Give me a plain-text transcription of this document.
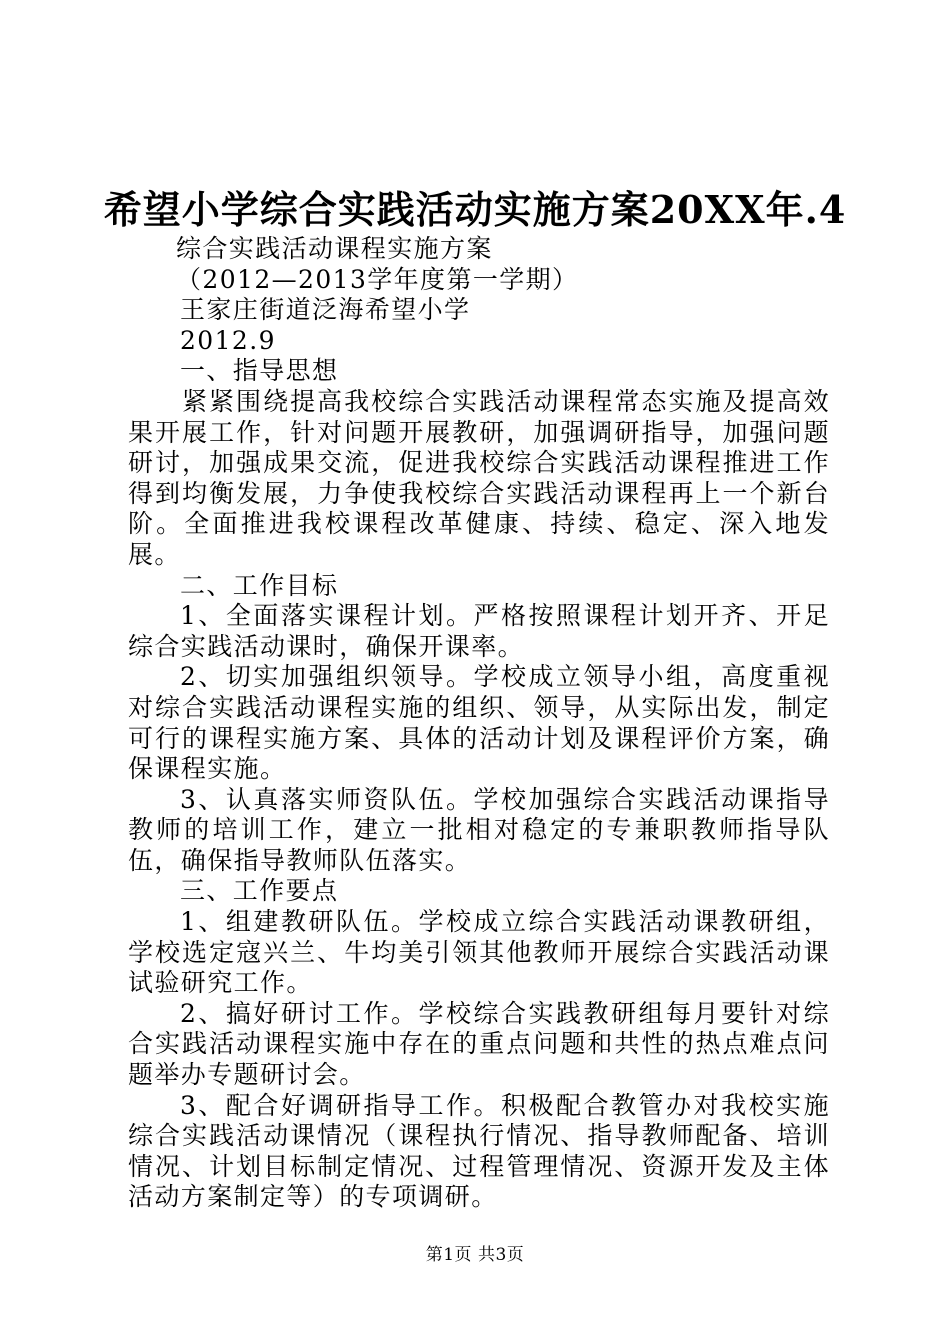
希望小学综合实践活动实施方案20XX年.4

综合实践活动课程实施方案

（2012—2013学年度第一学期）

王家庄街道泛海希望小学

2012.9

一、指导思想

紧紧围绕提高我校综合实践活动课程常态实施及提高效果开展工作，针对问题开展教研，加强调研指导，加强问题研讨，加强成果交流，促进我校综合实践活动课程推进工作得到均衡发展，力争使我校综合实践活动课程再上一个新台阶。全面推进我校课程改革健康、持续、稳定、深入地发展。

二、工作目标

1、全面落实课程计划。严格按照课程计划开齐、开足综合实践活动课时，确保开课率。

2、切实加强组织领导。学校成立领导小组，高度重视对综合实践活动课程实施的组织、领导，从实际出发，制定可行的课程实施方案、具体的活动计划及课程评价方案，确保课程实施。

3、认真落实师资队伍。学校加强综合实践活动课指导教师的培训工作，建立一批相对稳定的专兼职教师指导队伍，确保指导教师队伍落实。

三、工作要点

1、组建教研队伍。学校成立综合实践活动课教研组，学校选定寇兴兰、牛均美引领其他教师开展综合实践活动课试验研究工作。

2、搞好研讨工作。学校综合实践教研组每月要针对综合实践活动课程实施中存在的重点问题和共性的热点难点问题举办专题研讨会。

3、配合好调研指导工作。积极配合教管办对我校实施综合实践活动课情况（课程执行情况、指导教师配备、培训情况、计划目标制定情况、过程管理情况、资源开发及主体活动方案制定等）的专项调研。

第1页 共3页
